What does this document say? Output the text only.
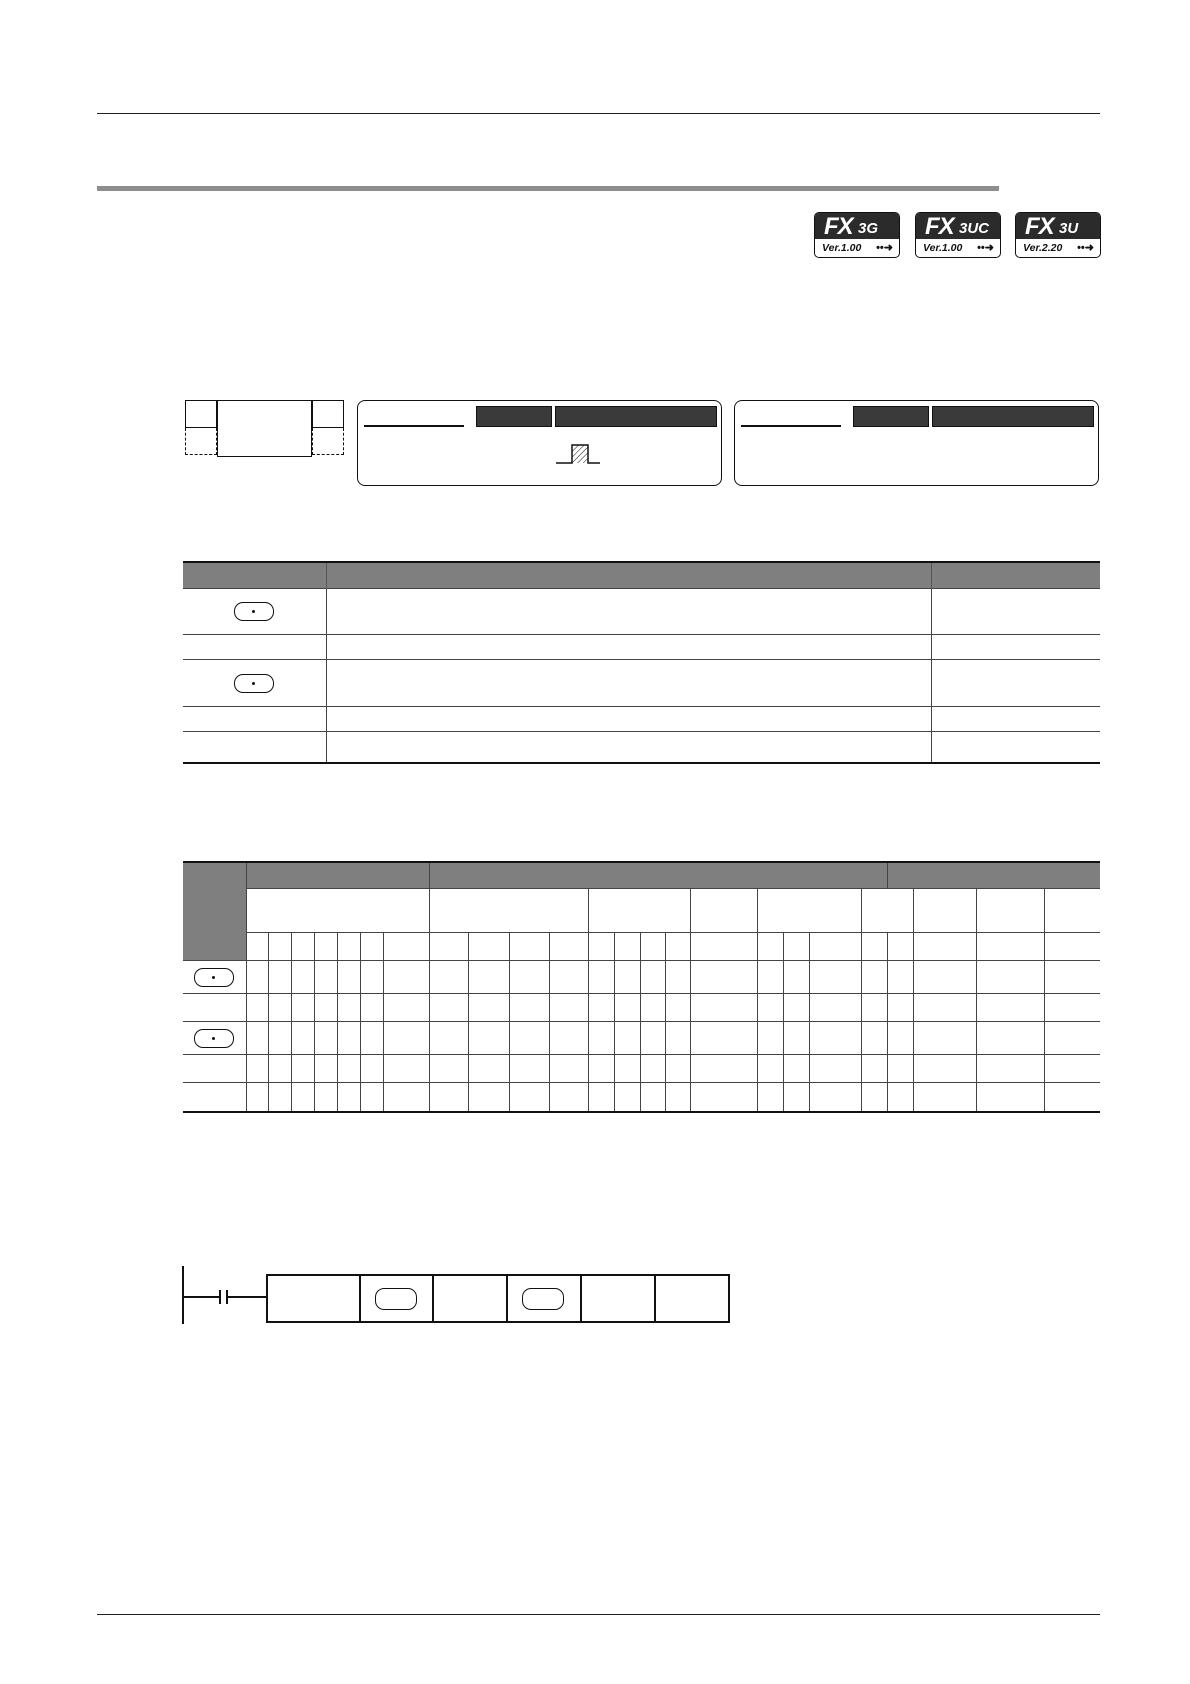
FX 3G
Ver.1.00 ••➜
FX 3UC
Ver.1.00 ••➜
FX 3U
Ver.2.20 ••➜
